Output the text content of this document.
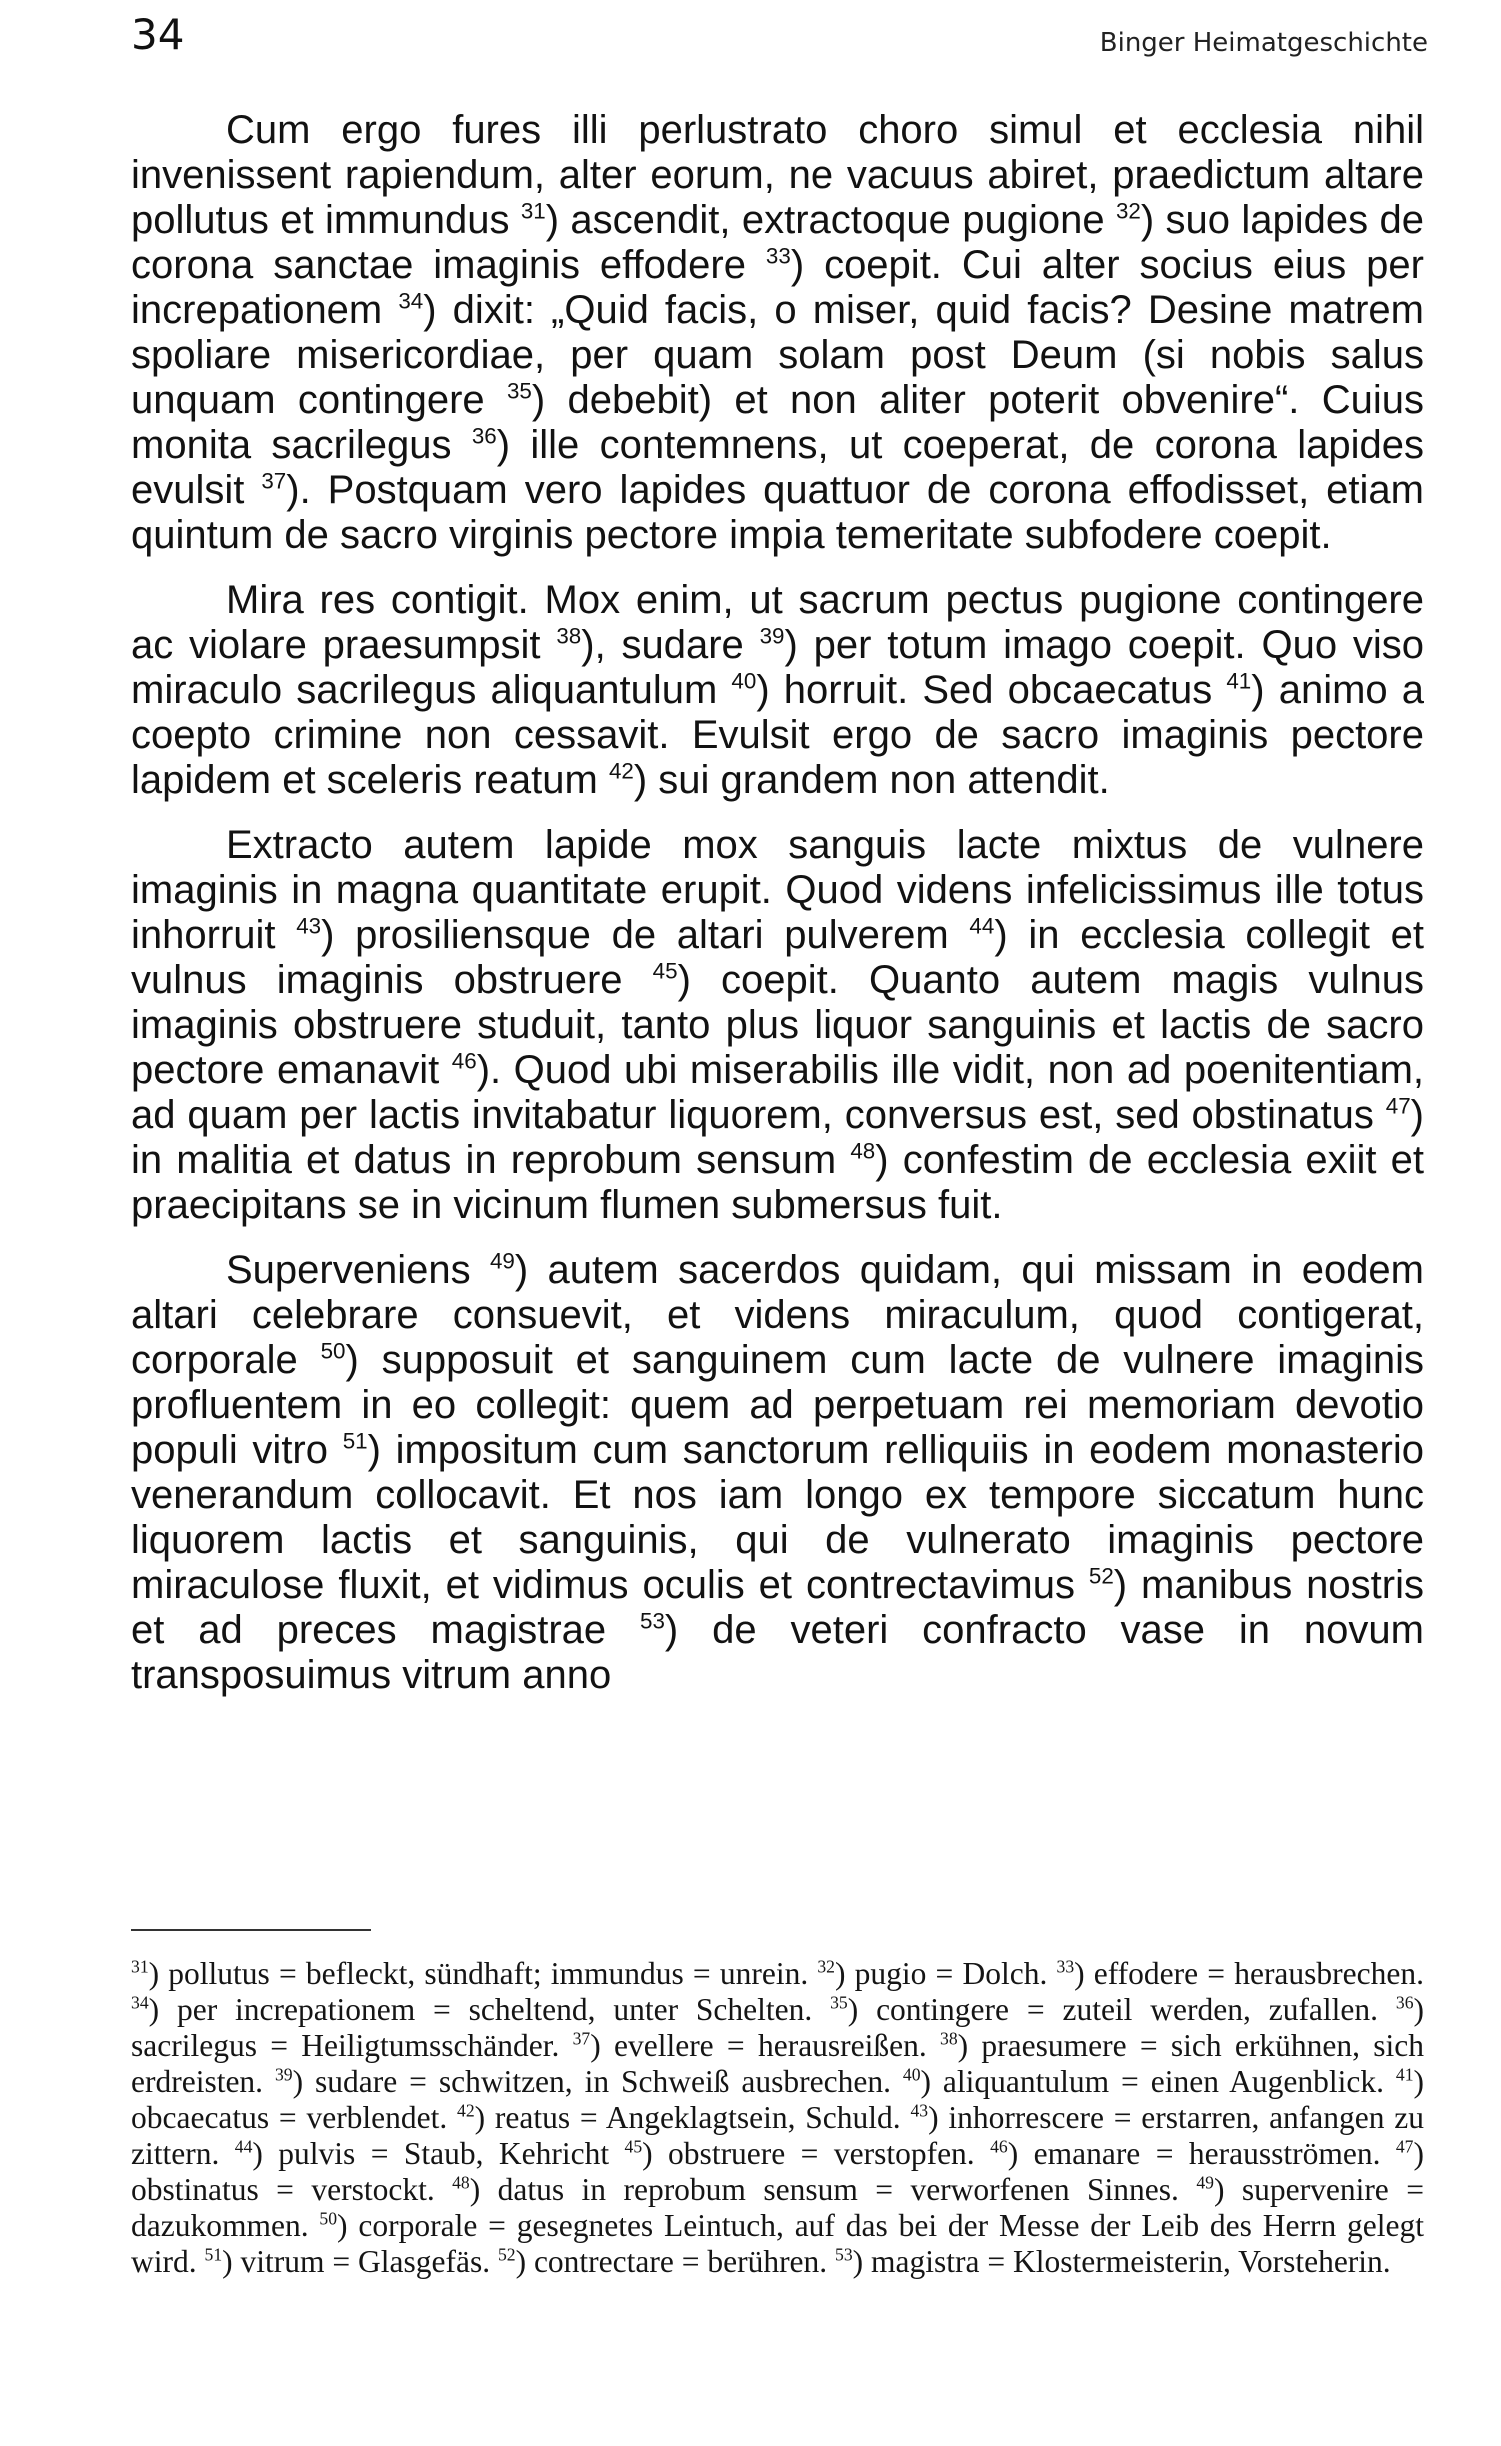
34	Binger Heimatgeschichte

Cum ergo fures illi perlustrato choro simul et ecclesia nihil invenissent rapiendum, alter eorum, ne vacuus abiret, praedictum altare pollutus et immundus $^{31}$) ascendit, extractoque pugione $^{32}$) suo lapides de corona sanctae imaginis effodere $^{33}$) coepit. Cui alter socius eius per increpationem $^{34}$) dixit: „Quid facis, o miser, quid facis? Desine matrem spoliare misericordiae, per quam solam post Deum (si nobis salus unquam contingere $^{35}$) debebit) et non aliter poterit obvenire“. Cuius monita sacrilegus $^{36}$) ille contemnens, ut coeperat, de corona lapides evulsit $^{37}$). Postquam vero lapides quattuor de corona effodisset, etiam quintum de sacro virginis pectore impia temeritate subfodere coepit.

Mira res contigit. Mox enim, ut sacrum pectus pugione contingere ac violare praesumpsit $^{38}$), sudare $^{39}$) per totum imago coepit. Quo viso miraculo sacrilegus aliquantulum $^{40}$) horruit. Sed obcaecatus $^{41}$) animo a coepto crimine non cessavit. Evulsit ergo de sacro imaginis pectore lapidem et sceleris reatum $^{42}$) sui grandem non attendit.

Extracto autem lapide mox sanguis lacte mixtus de vulnere imaginis in magna quantitate erupit. Quod videns infelicissimus ille totus inhorruit $^{43}$) prosiliensque de altari pulverem $^{44}$) in ecclesia collegit et vulnus imaginis obstruere $^{45}$) coepit. Quanto autem magis vulnus imaginis obstruere studuit, tanto plus liquor sanguinis et lactis de sacro pectore emanavit $^{46}$). Quod ubi miserabilis ille vidit, non ad poenitentiam, ad quam per lactis invitabatur liquorem, conversus est, sed obstinatus $^{47}$) in malitia et datus in reprobum sensum $^{48}$) confestim de ecclesia exiit et praecipitans se in vicinum flumen submersus fuit.

Superveniens $^{49}$) autem sacerdos quidam, qui missam in eodem altari celebrare consuevit, et videns miraculum, quod contigerat, corporale $^{50}$) supposuit et sanguinem cum lacte de vulnere imaginis profluentem in eo collegit: quem ad perpetuam rei memoriam devotio populi vitro $^{51}$) impositum cum sanctorum relliquiis in eodem monasterio venerandum collocavit. Et nos iam longo ex tempore siccatum hunc liquorem lactis et sanguinis, qui de vulnerato imaginis pectore miraculose fluxit, et vidimus oculis et contrectavimus $^{52}$) manibus nostris et ad preces magistrae $^{53}$) de veteri confracto vase in novum transposuimus vitrum anno

$^{31}$) pollutus = befleckt, sündhaft; immundus = unrein. $^{32}$) pugio = Dolch. $^{33}$) effodere = herausbrechen. $^{34}$) per increpationem = scheltend, unter Schelten. $^{35}$) contingere = zuteil werden, zufallen. $^{36}$) sacrilegus = Heiligtumsschänder. $^{37}$) evellere = herausreißen. $^{38}$) praesumere = sich erkühnen, sich erdreisten. $^{39}$) sudare = schwitzen, in Schweiß ausbrechen. $^{40}$) aliquantulum = einen Augenblick. $^{41}$) obcaecatus = verblendet. $^{42}$) reatus = Angeklagtsein, Schuld. $^{43}$) inhorrescere = erstarren, anfangen zu zittern. $^{44}$) pulvis = Staub, Kehricht $^{45}$) obstruere = verstopfen. $^{46}$) emanare = herausströmen. $^{47}$) obstinatus = verstockt. $^{48}$) datus in reprobum sensum = verworfenen Sinnes. $^{49}$) supervenire = dazukommen. $^{50}$) corporale = gesegnetes Leintuch, auf das bei der Messe der Leib des Herrn gelegt wird. $^{51}$) vitrum = Glasgefäs. $^{52}$) contrectare = berühren. $^{53}$) magistra = Klostermeisterin, Vorsteherin.
